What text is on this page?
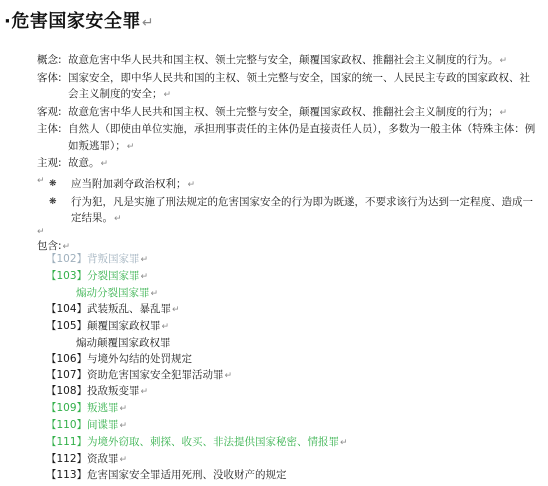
·危害国家安全罪↵
概念: 故意危害中华人民共和国主权、领土完整与安全，颠覆国家政权、推翻社会主义制度的行为。↵
客体: 国家安全，即中华人民共和国的主权、领土完整与安全，国家的统一、人民民主专政的国家政权、社会主义制度的安全；↵
客观: 故意危害中华人民共和国主权、领土完整与安全，颠覆国家政权、推翻社会主义制度的行为；↵
主体: 自然人（即使由单位实施，承担刑事责任的主体仍是直接责任人员），多数为一般主体（特殊主体：例如叛逃罪）；↵
主观: 故意。↵
↵ ❋	应当附加剥夺政治权利；↵
❋	行为犯，凡是实施了刑法规定的危害国家安全的行为即为既遂，不要求该行为达到一定程度、造成一定结果。↵
↵
包含:↵
【102】背叛国家罪↵
【103】分裂国家罪↵
煽动分裂国家罪↵
【104】武装叛乱、暴乱罪↵
【105】颠覆国家政权罪↵
煽动颠覆国家政权罪
【106】与境外勾结的处罚规定
【107】资助危害国家安全犯罪活动罪↵
【108】投敌叛变罪↵
【109】叛逃罪↵
【110】间谍罪↵
【111】为境外窃取、刺探、收买、非法提供国家秘密、情报罪↵
【112】资敌罪↵
【113】危害国家安全罪适用死刑、没收财产的规定
